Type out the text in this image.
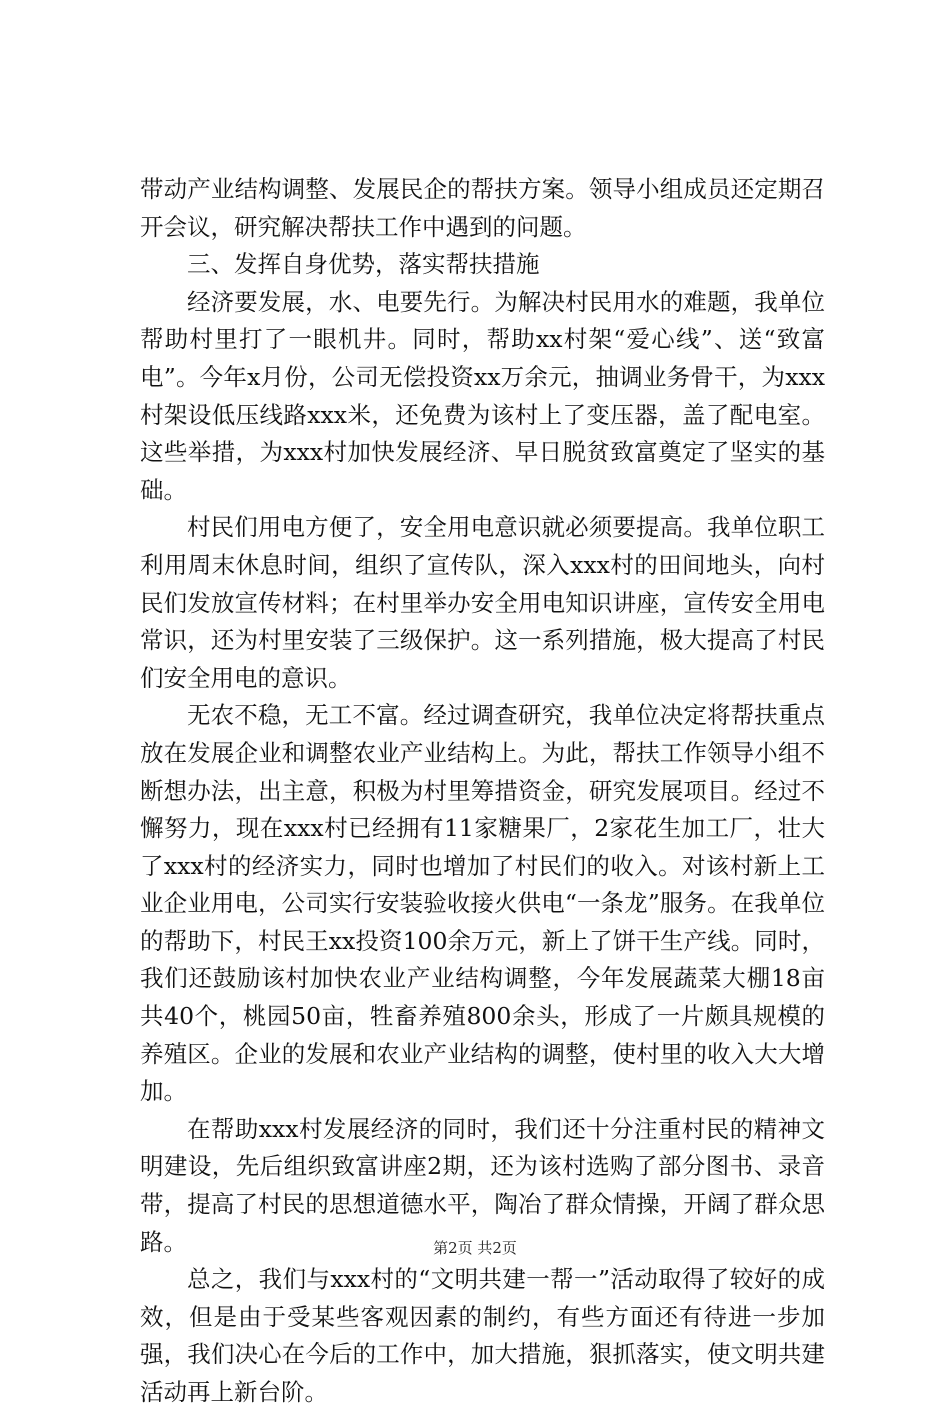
带动产业结构调整、发展民企的帮扶方案。领导小组成员还定期召开会议，研究解决帮扶工作中遇到的问题。

三、发挥自身优势，落实帮扶措施

经济要发展，水、电要先行。为解决村民用水的难题，我单位帮助村里打了一眼机井。同时，帮助xx村架“爱心线”、送“致富电”。今年x月份，公司无偿投资xx万余元，抽调业务骨干，为xxx村架设低压线路xxx米，还免费为该村上了变压器，盖了配电室。这些举措，为xxx村加快发展经济、早日脱贫致富奠定了坚实的基础。

村民们用电方便了，安全用电意识就必须要提高。我单位职工利用周末休息时间，组织了宣传队，深入xxx村的田间地头，向村民们发放宣传材料；在村里举办安全用电知识讲座，宣传安全用电常识，还为村里安装了三级保护。这一系列措施，极大提高了村民们安全用电的意识。

无农不稳，无工不富。经过调查研究，我单位决定将帮扶重点放在发展企业和调整农业产业结构上。为此，帮扶工作领导小组不断想办法，出主意，积极为村里筹措资金，研究发展项目。经过不懈努力，现在xxx村已经拥有11家糖果厂，2家花生加工厂，壮大了xxx村的经济实力，同时也增加了村民们的收入。对该村新上工业企业用电，公司实行安装验收接火供电“一条龙”服务。在我单位的帮助下，村民王xx投资100余万元，新上了饼干生产线。同时，我们还鼓励该村加快农业产业结构调整，今年发展蔬菜大棚18亩共40个，桃园50亩，牲畜养殖800余头，形成了一片颇具规模的养殖区。企业的发展和农业产业结构的调整，使村里的收入大大增加。

在帮助xxx村发展经济的同时，我们还十分注重村民的精神文明建设，先后组织致富讲座2期，还为该村选购了部分图书、录音带，提高了村民的思想道德水平，陶冶了群众情操，开阔了群众思路。

总之，我们与xxx村的“文明共建一帮一”活动取得了较好的成效，但是由于受某些客观因素的制约，有些方面还有待进一步加强，我们决心在今后的工作中，加大措施，狠抓落实，使文明共建活动再上新台阶。

第2页 共2页
